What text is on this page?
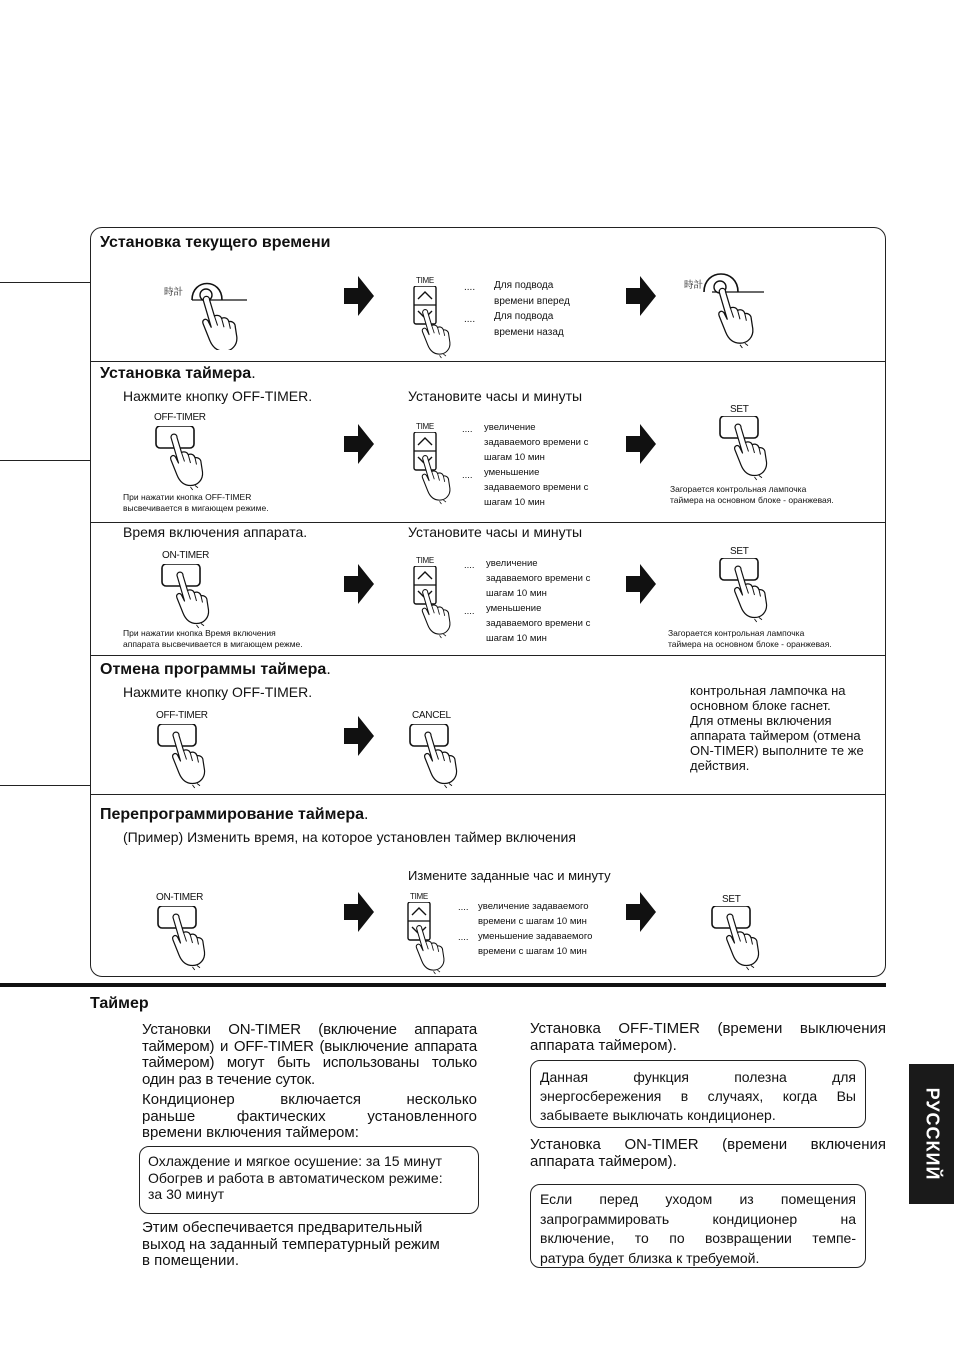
Установка текущего времени
時計
TIME
....
....
Для подвода
времени вперед
Для подвода
времени назад
時計
Установка таймера.
Нажмите кнопку OFF-TIMER.	Установите часы и минуты
OFF-TIMER
При нажатии кнопка OFF-TIMER
высвечивается в мигающем режиме.
TIME	....
....
увеличение
задаваемого времени с
шагам 10 мин
уменьшение
задаваемого времени с
шагам 10 мин
SET
Загорается контрольная лампочка
таймера на основном блоке - оранжевая.
Время включения аппарата.	Установите часы и минуты
ON-TIMER
При нажатии кнопка Время включения
аппарата высвечивается в мигающем режме.
TIME	....
....
увеличение
задаваемого времени с
шагам 10 мин
уменьшение
задаваемого времени с
шагам 10 мин
SET
Загорается контрольная лампочка
таймера на основном блоке - оранжевая.
Отмена программы таймера.
Нажмите кнопку OFF-TIMER.
OFF-TIMER	CANCEL
контрольная лампочка на
основном блоке гаснет.
Для отмены включения
аппарата таймером (отмена
ON-TIMER) выполните те же
действия.
Перепрограммирование таймера.
(Пример) Изменить время, на которое установлен таймер включения
Измените заданные час и минуту
ON-TIMER	TIME
....
....
увеличение задаваемого
времени с шагам 10 мин
уменьшение задаваемого
времени с шагам 10 мин
SET
Таймер
Установки ON-TIMER (включение аппарата
таймером) и OFF-TIMER (выключение аппарата
таймером) могут быть использованы только
один раз в течение суток.
Кондиционер включается несколько
раньше фактических установленного
времени включения таймером:
Охлаждение и мягкое осушение: за 15 минут
Обогрев и работа в автоматическом режиме:
за 30 минут
Этим обеспечивается предварительный
выход на заданный температурный режим
в помещении.
Установка OFF-TIMER (времени выключения
аппарата таймером).
Данная функция полезна для
энергосбережения в случаях, когда Вы
забываете выключать кондиционер.
Установка ON-TIMER (времени включения
аппарата таймером).
Если перед уходом из помещения
запрограммировать кондиционер на
включение, то по возвращении темпе-
ратура будет близка к требуемой.
РУССКИЙ
